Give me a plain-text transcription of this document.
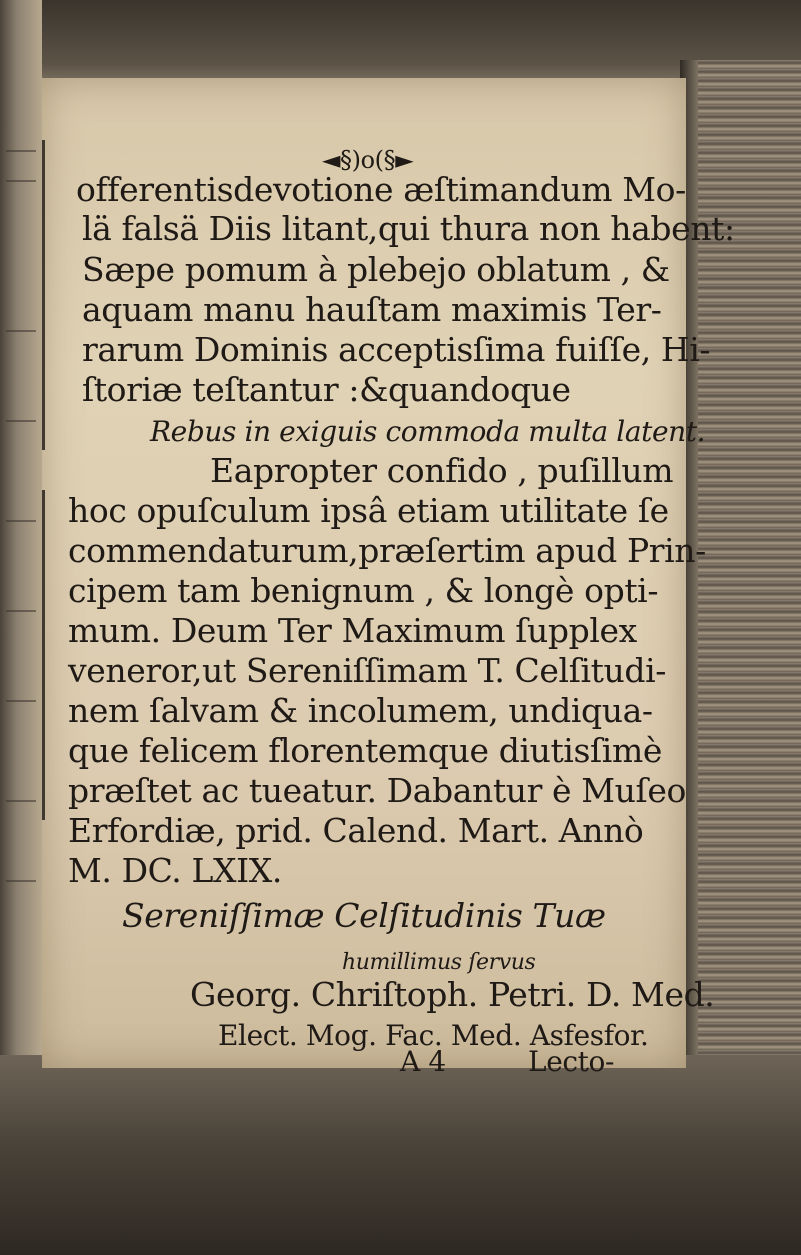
◄§)o(§►
offerentisdevotione æſtimandum Mo-
lä falsä Diis litant,qui thura non habent:
Sæpe pomum à plebejo oblatum , &
aquam manu hauſtam maximis Ter-
rarum Dominis acceptisſima fuiſſe, Hi-
ſtoriæ teſtantur :&quandoque
Rebus in exiguis commoda multa latent.
Eapropter confido , puſillum
hoc opuſculum ipsâ etiam utilitate ſe
commendaturum,præſertim apud Prin-
cipem tam benignum , & longè opti-
mum. Deum Ter Maximum ſupplex
veneror,ut Sereniſſimam T. Celſitudi-
nem ſalvam & incolumem, undiqua-
que felicem florentemque diutisſimè
præſtet ac tueatur. Dabantur è Muſeo
Erfordiæ, prid. Calend. Mart. Annò
M. DC. LXIX.
Sereniſſimæ Celſitudinis Tuæ
humillimus ſervus
Georg. Chriſtoph. Petri. D. Med.
Elect. Mog. Fac. Med. Asfesfor.
A 4	Lecto-
